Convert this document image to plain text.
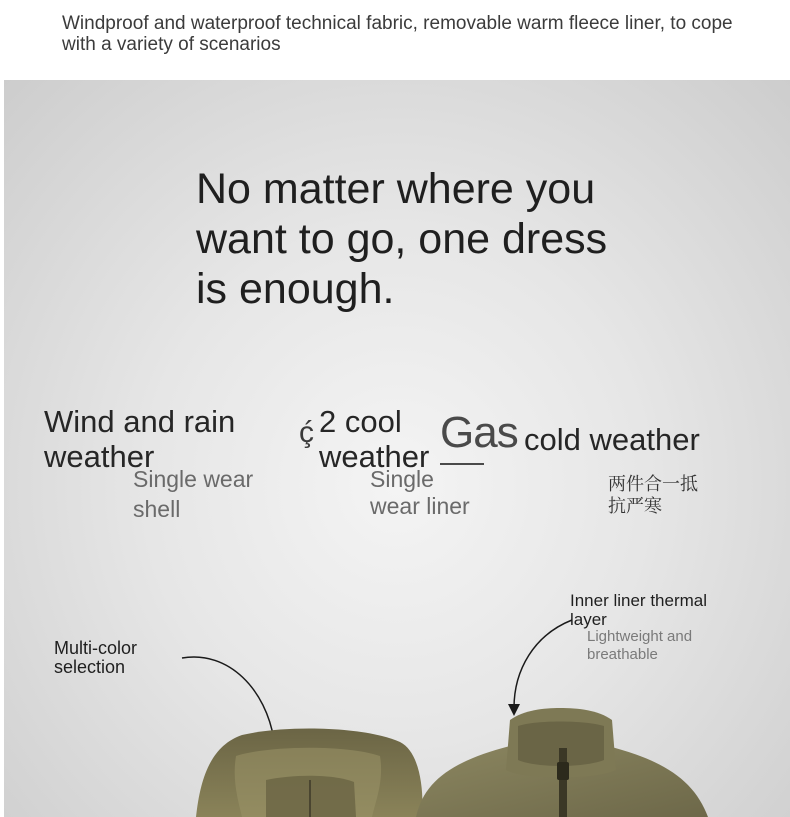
Windproof and waterproof technical fabric, removable warm fleece liner, to cope with a variety of scenarios
No matter where you want to go, one dress is enough.
Wind and rain weather
Single wear shell
ḉ 2 cool weather
Single wear liner
Gas cold weather
两件合一抵抗严寒
Multi-color selection
Inner liner thermal layer
Lightweight and breathable
